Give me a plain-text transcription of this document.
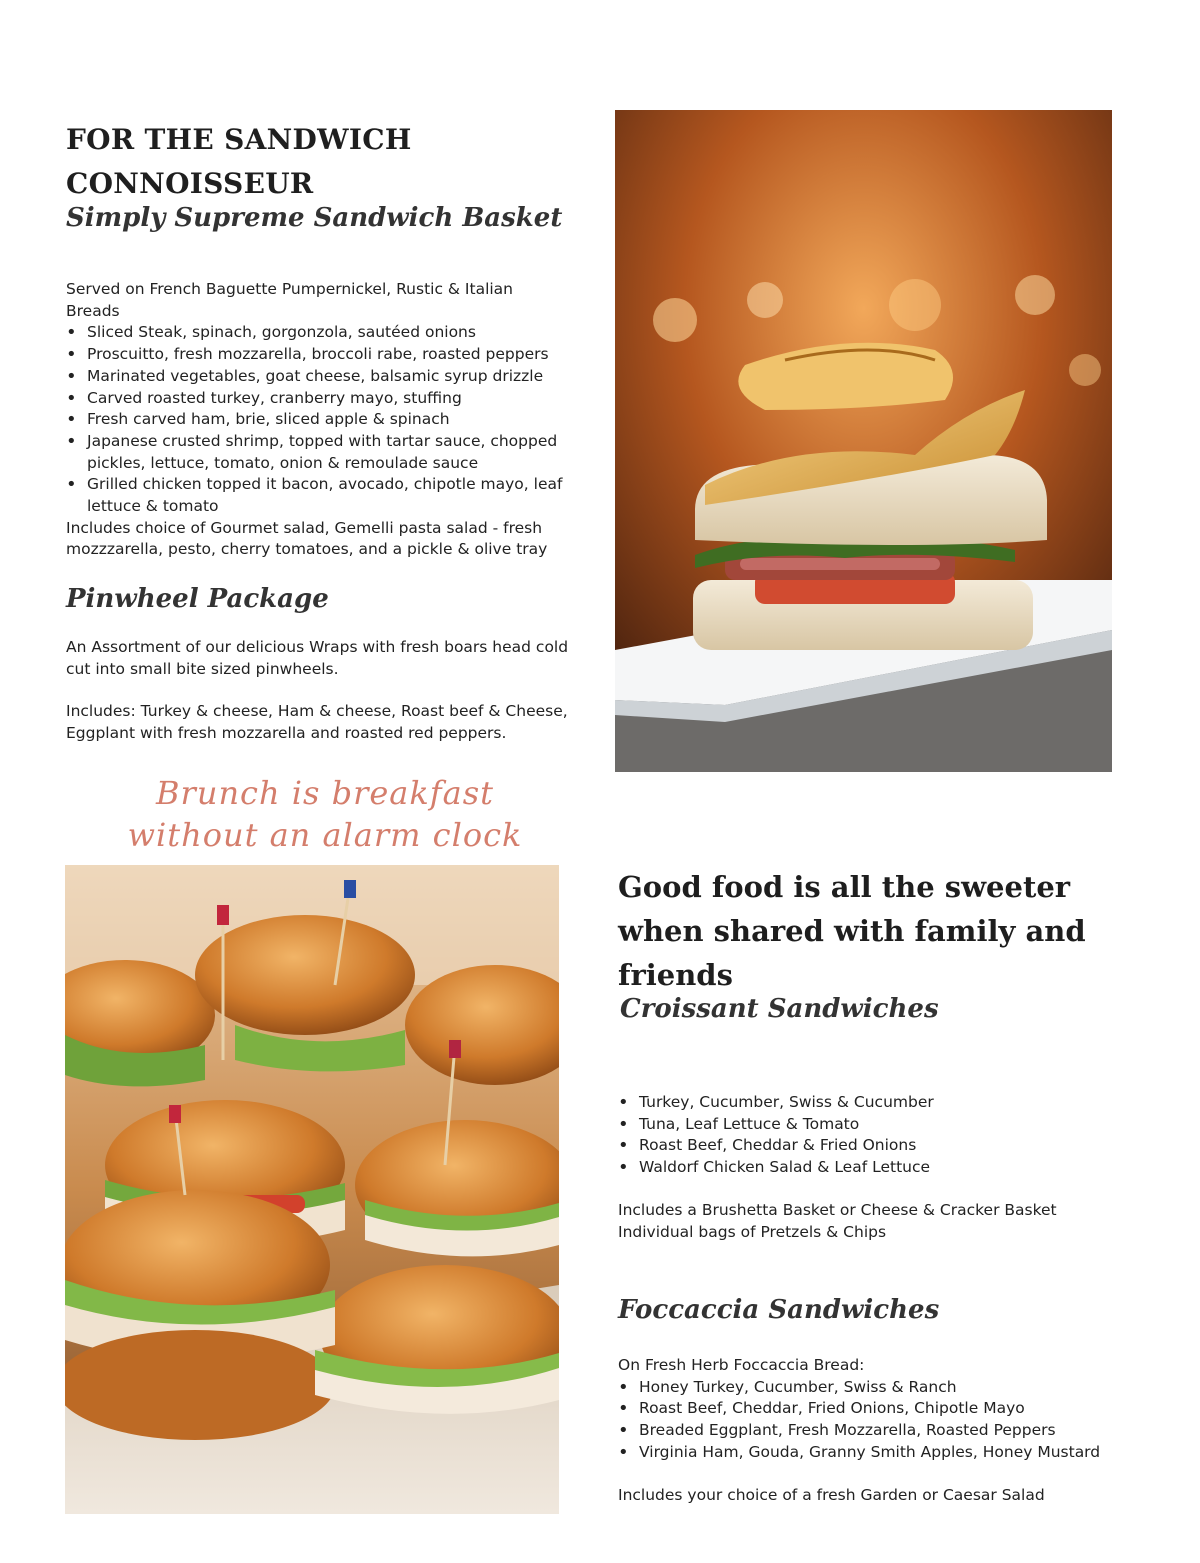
FOR THE SANDWICH
CONNOISSEUR
Simply Supreme Sandwich Basket
Served on French Baguette Pumpernickel, Rustic & Italian Breads
• Sliced Steak, spinach, gorgonzola, sautéed onions
• Proscuitto, fresh mozzarella, broccoli rabe, roasted peppers
• Marinated vegetables, goat cheese, balsamic syrup drizzle
• Carved roasted turkey, cranberry mayo, stuffing
• Fresh carved ham, brie, sliced apple & spinach
• Japanese crusted shrimp, topped with tartar sauce, chopped pickles, lettuce, tomato, onion & remoulade sauce
• Grilled chicken topped it bacon, avocado, chipotle mayo, leaf lettuce & tomato
Includes choice of Gourmet salad, Gemelli pasta salad - fresh mozzzarella, pesto, cherry tomatoes, and a pickle & olive tray
Pinwheel Package
An Assortment of our delicious Wraps with fresh boars head cold cut into small bite sized pinwheels.
Includes: Turkey & cheese, Ham & cheese, Roast beef & Cheese, Eggplant with fresh mozzarella and roasted red peppers.
Brunch is breakfast without an alarm clock
Good food is all the sweeter when shared with family and friends
Croissant Sandwiches
• Turkey, Cucumber, Swiss & Cucumber
• Tuna, Leaf Lettuce & Tomato
• Roast Beef, Cheddar & Fried Onions
• Waldorf Chicken Salad & Leaf Lettuce
Includes a Brushetta Basket or Cheese & Cracker Basket
Individual bags of Pretzels & Chips
Foccaccia Sandwiches
On Fresh Herb Foccaccia Bread:
• Honey Turkey, Cucumber, Swiss & Ranch
• Roast Beef, Cheddar, Fried Onions, Chipotle Mayo
• Breaded Eggplant, Fresh Mozzarella, Roasted Peppers
• Virginia Ham, Gouda, Granny Smith Apples, Honey Mustard
Includes your choice of a fresh Garden or Caesar Salad
